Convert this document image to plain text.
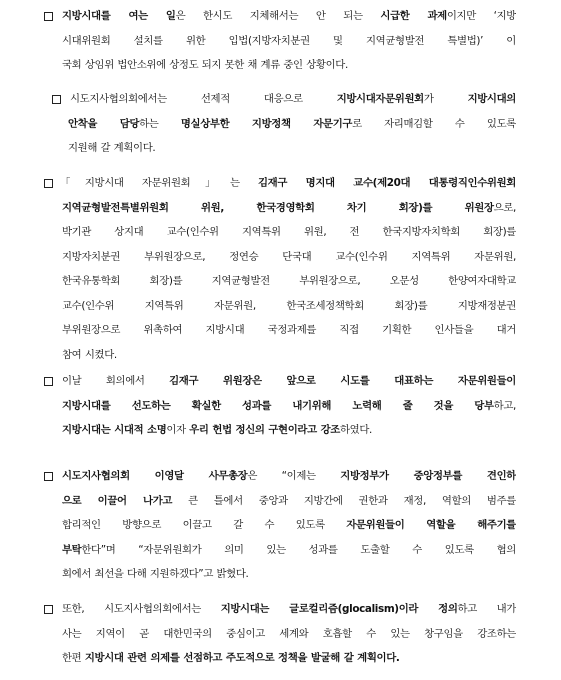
지방시대를 여는 일은 한시도 지체해서는 안 되는 시급한 과제이지만 ‘지방
시대위원회 설치를 위한 입법(지방자치분권 및 지역균형발전 특별법)’ 이
국회 상임위 법안소위에 상정도 되지 못한 채 계류 중인 상황이다.
시도지사협의회에서는 선제적 대응으로 지방시대자문위원회가 지방시대의
안착을 담당하는 명실상부한 지방정책 자문기구로 자리매김할 수 있도록
지원해 갈 계획이다.
「지방시대 자문위원회」는 김재구 명지대 교수(제20대 대통령직인수위원회
지역균형발전특별위원회 위원, 한국경영학회 차기 회장)를 위원장으로,
박기관 상지대 교수(인수위 지역특위 위원, 전 한국지방자치학회 회장)를
지방자치분권 부위원장으로, 정연승 단국대 교수(인수위 지역특위 자문위원,
한국유통학회 회장)를 지역균형발전 부위원장으로, 오문성 한양여자대학교
교수(인수위 지역특위 자문위원, 한국조세정책학회 회장)를 지방재정분권
부위원장으로 위촉하여 지방시대 국정과제를 직접 기획한 인사들을 대거
참여 시켰다.
이날 회의에서 김재구 위원장은 앞으로 시도를 대표하는 자문위원들이
지방시대를 선도하는 확실한 성과를 내기위해 노력해 줄 것을 당부하고,
지방시대는 시대적 소명이자 우리 헌법 정신의 구현이라고 강조하였다.
시도지사협의회 이영달 사무총장은 “이제는 지방정부가 중앙정부를 견인하
으로 이끌어 나가고 큰 틀에서 중앙과 지방간에 권한과 재정, 역할의 범주를
합리적인 방향으로 이끌고 갈 수 있도록 자문위원들이 역할을 해주기를
부탁한다”며 “자문위원회가 의미 있는 성과를 도출할 수 있도록 협의
회에서 최선을 다해 지원하겠다”고 밝혔다.
또한, 시도지사협의회에서는 지방시대는 글로컬리즘(glocalism)이라 정의하고 내가
사는 지역이 곧 대한민국의 중심이고 세계와 호흡할 수 있는 창구임을 강조하는
한편 지방시대 관련 의제를 선점하고 주도적으로 정책을 발굴해 갈 계획이다.
